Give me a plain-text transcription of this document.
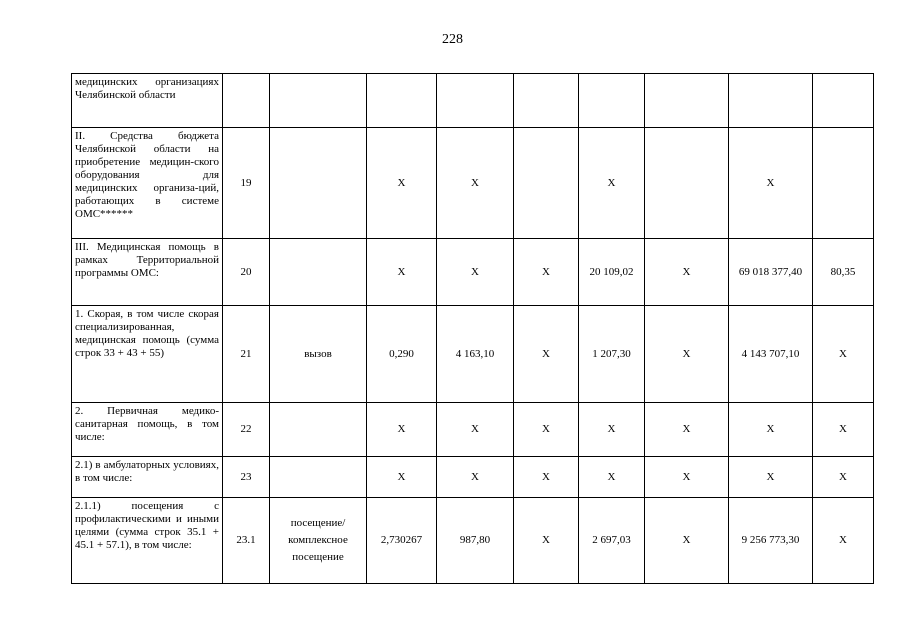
228
медицинских организациях Челябинской области									
II. Средства бюджета Челябинской области на приобретение медицин-ского оборудования для медицинских организа-ций, работающих в системе ОМС******	19		Х	Х		Х		Х	
III. Медицинская помощь в рамках Территориальной программы ОМС:	20		Х	Х	Х	20 109,02	Х	69 018 377,40	80,35
1. Скорая, в том числе скорая специализированная, медицинская помощь (сумма строк 33 + 43 + 55)	21	вызов	0,290	4 163,10	Х	1 207,30	Х	4 143 707,10	Х
2. Первичная медико-санитарная помощь, в том числе:	22		Х	Х	Х	Х	Х	Х	Х
2.1) в амбулаторных условиях, в том числе:	23		Х	Х	Х	Х	Х	Х	Х
2.1.1) посещения с профилактическими и иными целями (сумма строк 35.1 + 45.1 + 57.1), в том числе:	23.1	посещение/
комплексное
посещение	2,730267	987,80	Х	2 697,03	Х	9 256 773,30	Х
